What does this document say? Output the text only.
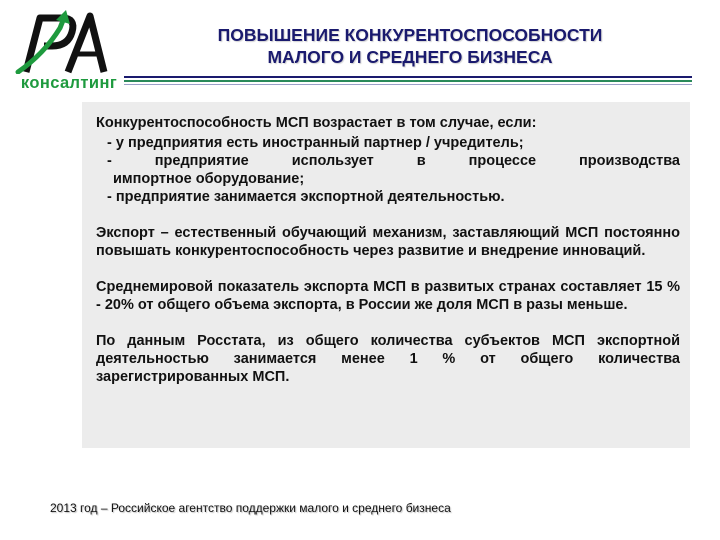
консалтинг
ПОВЫШЕНИЕ КОНКУРЕНТОСПОСОБНОСТИ
МАЛОГО И СРЕДНЕГО БИЗНЕСА

Конкурентоспособность МСП возрастает в том случае, если:

- у предприятия есть иностранный партнер / учредитель;
- предприятие использует в процессе производства
импортное оборудование;
- предприятие занимается экспортной деятельностью.

Экспорт – естественный обучающий механизм, заставляющий МСП постоянно повышать конкурентоспособность через развитие и внедрение инноваций.

Среднемировой показатель экспорта МСП в развитых странах составляет 15 % - 20% от общего объема экспорта, в России же доля МСП в разы меньше.

По данным Росстата, из общего количества субъектов МСП экспортной деятельностью занимается менее 1 % от общего количества зарегистрированных МСП.

2013 год – Российское агентство поддержки малого и среднего бизнеса
